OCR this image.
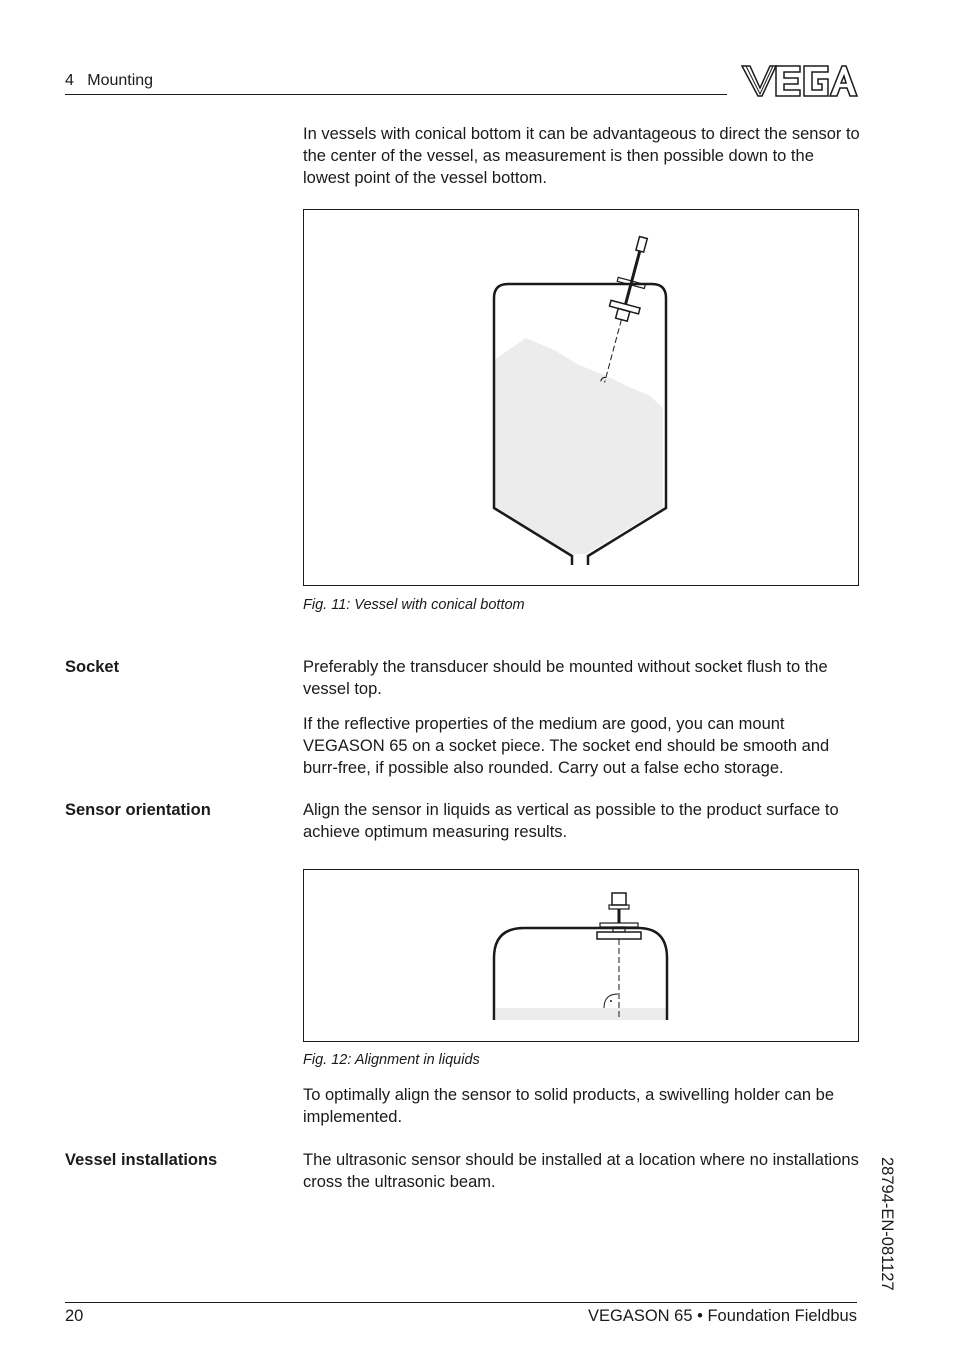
4   Mounting
In vessels with conical bottom it can be advantageous to direct the sensor to the center of the vessel, as measurement is then possible down to the lowest point of the vessel bottom.
Fig. 11: Vessel with conical bottom
Socket	Preferably the transducer should be mounted without socket flush to the vessel top.
If the reflective properties of the medium are good, you can mount VEGASON 65 on a socket piece. The socket end should be smooth and burr-free, if possible also rounded. Carry out a false echo storage.
Sensor orientation	Align the sensor in liquids as vertical as possible to the product surface to achieve optimum measuring results.
Fig. 12: Alignment in liquids
To optimally align the sensor to solid products, a swivelling holder can be implemented.
Vessel installations	The ultrasonic sensor should be installed at a location where no installations cross the ultrasonic beam.	28794-EN-081127
20	VEGASON 65 • Foundation Fieldbus
